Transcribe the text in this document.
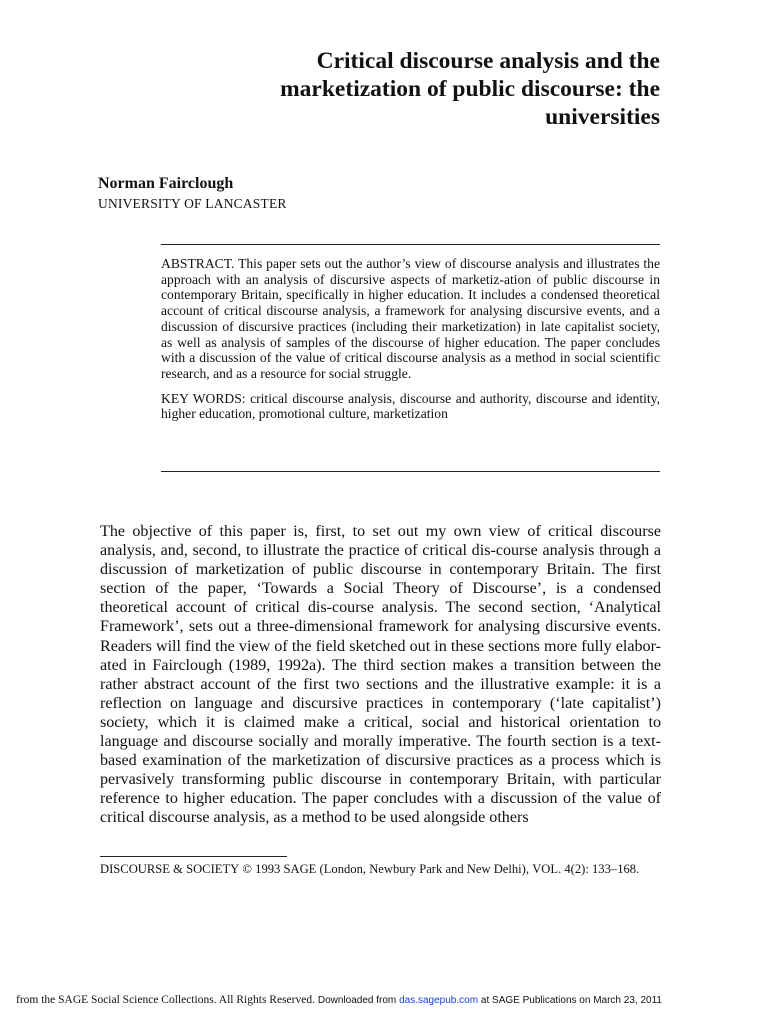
Critical discourse analysis and the
marketization of public discourse: the
universities
Norman Fairclough
UNIVERSITY OF LANCASTER

ABSTRACT. This paper sets out the author’s view of discourse analysis and illustrates the approach with an analysis of discursive aspects of marketiz-ation of public discourse in contemporary Britain, specifically in higher education. It includes a condensed theoretical account of critical discourse analysis, a framework for analysing discursive events, and a discussion of discursive practices (including their marketization) in late capitalist society, as well as analysis of samples of the discourse of higher education. The paper concludes with a discussion of the value of critical discourse analysis as a method in social scientific research, and as a resource for social struggle.

KEY WORDS: critical discourse analysis, discourse and authority, discourse and identity, higher education, promotional culture, marketization

The objective of this paper is, first, to set out my own view of critical discourse analysis, and, second, to illustrate the practice of critical dis-course analysis through a discussion of marketization of public discourse in contemporary Britain. The first section of the paper, ‘Towards a Social Theory of Discourse’, is a condensed theoretical account of critical dis-course analysis. The second section, ‘Analytical Framework’, sets out a three-dimensional framework for analysing discursive events. Readers will find the view of the field sketched out in these sections more fully elabor-ated in Fairclough (1989, 1992a). The third section makes a transition between the rather abstract account of the first two sections and the illustrative example: it is a reflection on language and discursive practices in contemporary (‘late capitalist’) society, which it is claimed make a critical, social and historical orientation to language and discourse socially and morally imperative. The fourth section is a text-based examination of the marketization of discursive practices as a process which is pervasively transforming public discourse in contemporary Britain, with particular reference to higher education. The paper concludes with a discussion of the value of critical discourse analysis, as a method to be used alongside others

DISCOURSE & SOCIETY © 1993 SAGE (London, Newbury Park and New Delhi), VOL. 4(2): 133–168.

from the SAGE Social Science Collections. All Rights Reserved. Downloaded from das.sagepub.com at SAGE Publications on March 23, 2011
